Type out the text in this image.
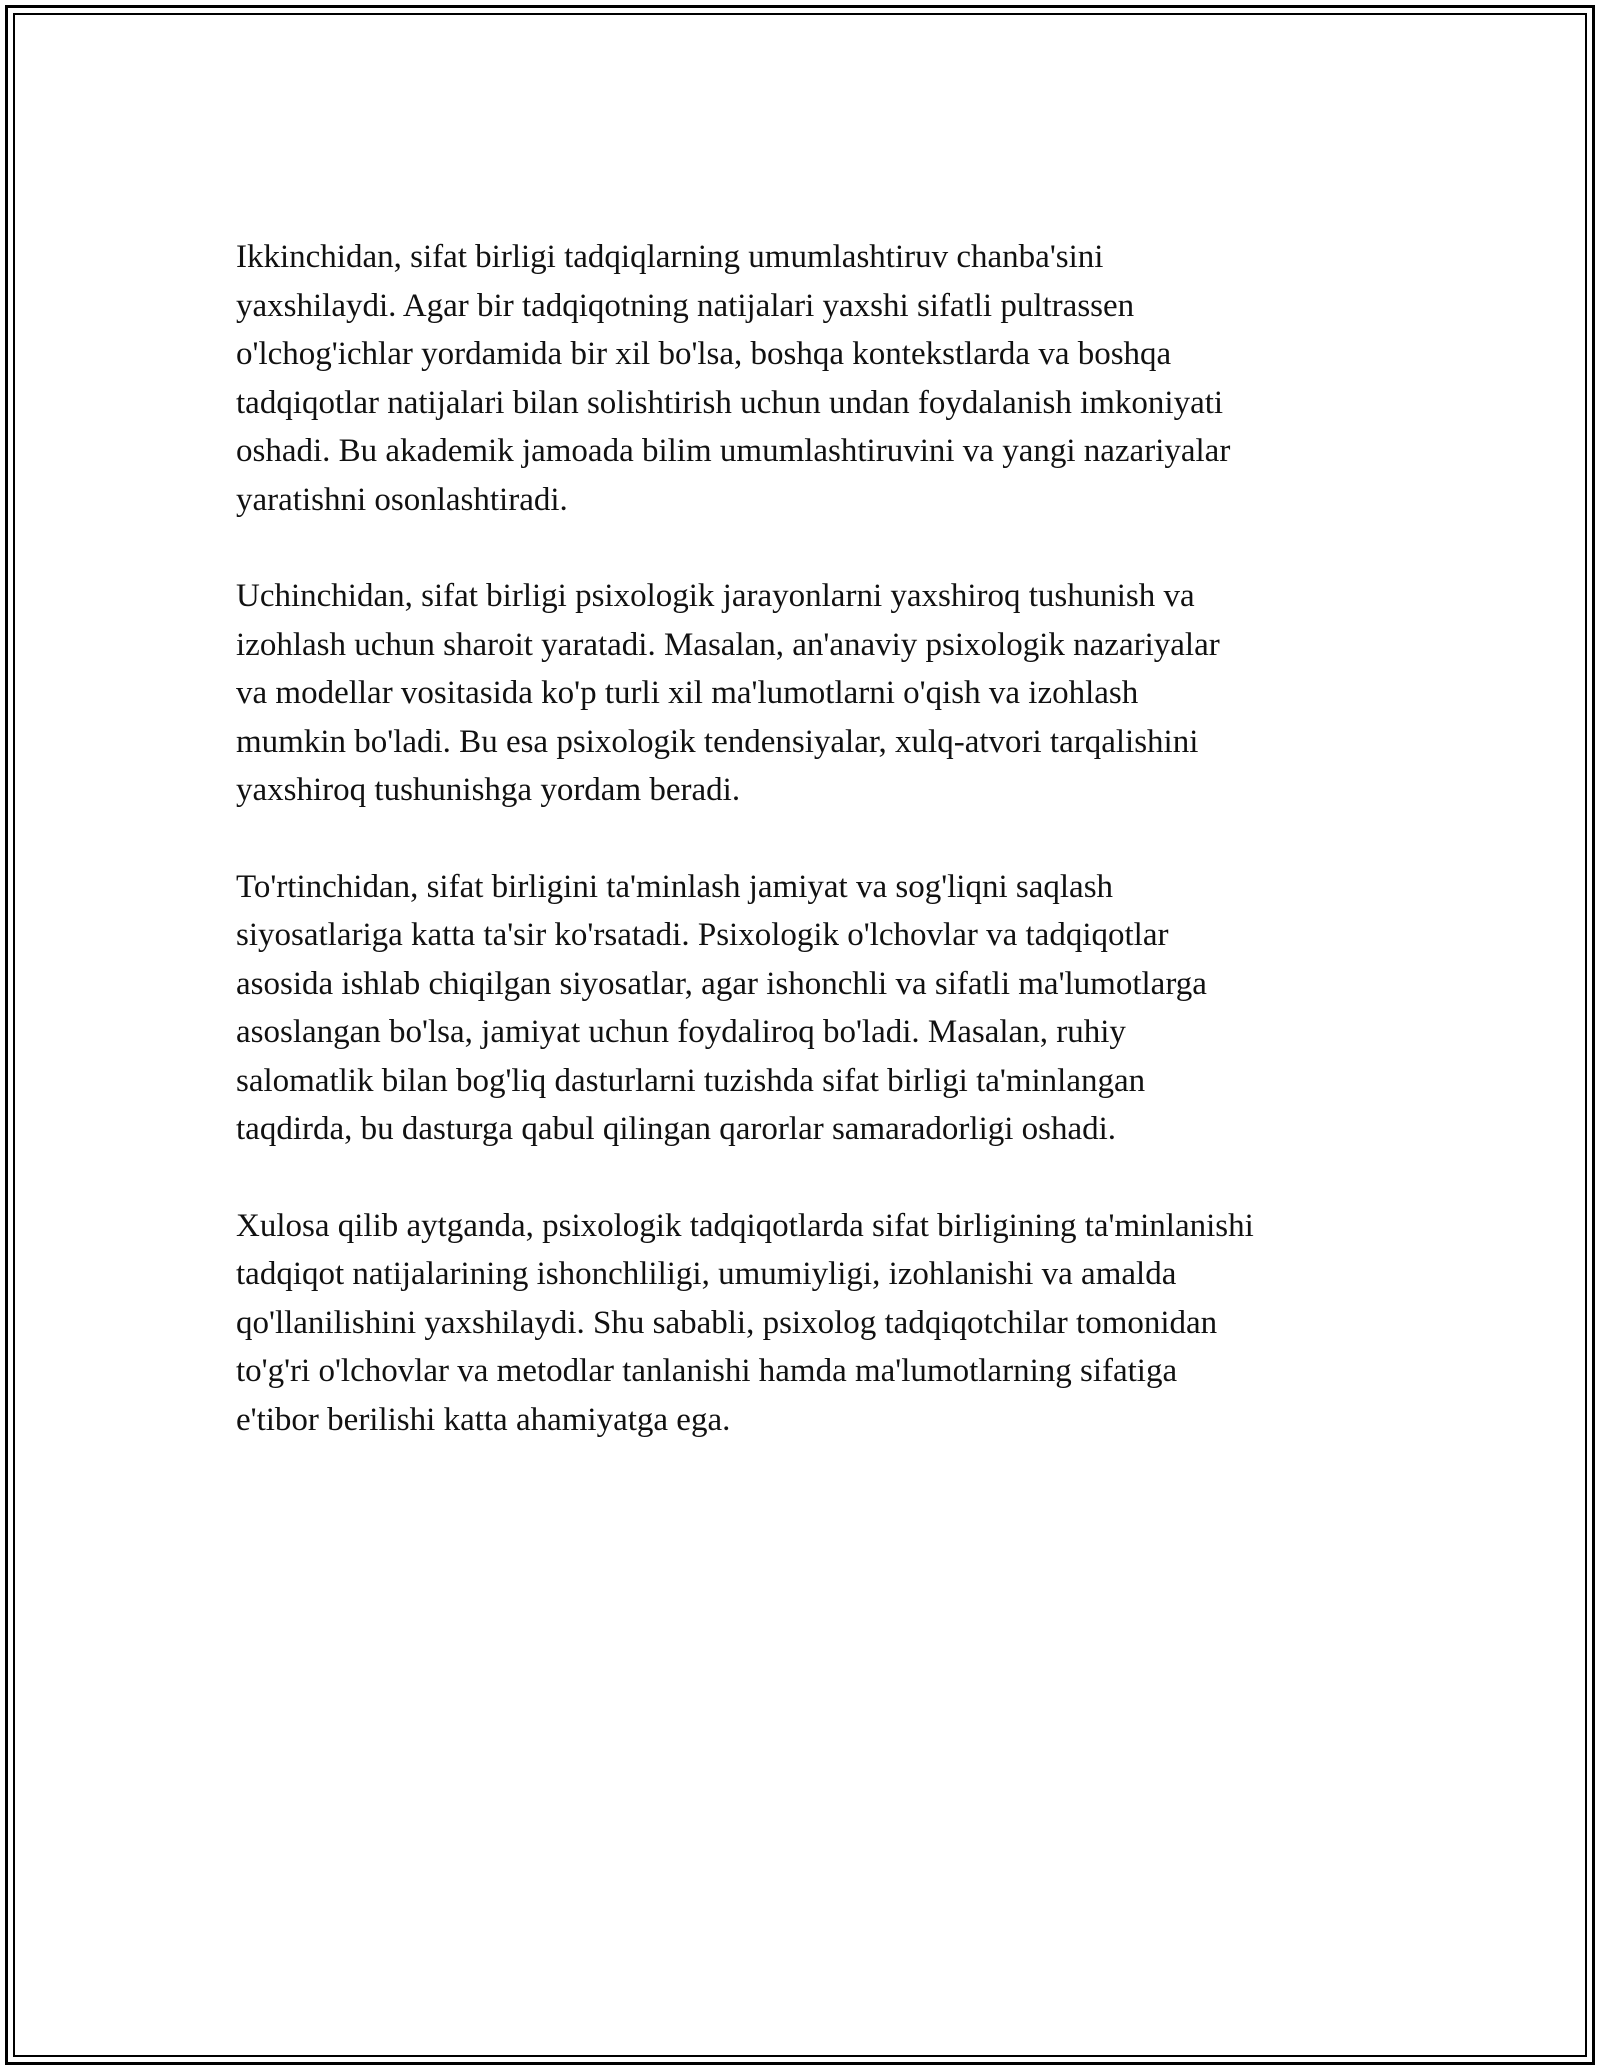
Ikkinchidan, sifat birligi tadqiqlarning umumlashtiruv chanba'sini
yaxshilaydi. Agar bir tadqiqotning natijalari yaxshi sifatli pultrassen
o'lchog'ichlar yordamida bir xil bo'lsa, boshqa kontekstlarda va boshqa
tadqiqotlar natijalari bilan solishtirish uchun undan foydalanish imkoniyati
oshadi. Bu akademik jamoada bilim umumlashtiruvini va yangi nazariyalar
yaratishni osonlashtiradi.

Uchinchidan, sifat birligi psixologik jarayonlarni yaxshiroq tushunish va
izohlash uchun sharoit yaratadi. Masalan, an'anaviy psixologik nazariyalar
va modellar vositasida ko'p turli xil ma'lumotlarni o'qish va izohlash
mumkin bo'ladi. Bu esa psixologik tendensiyalar, xulq-atvori tarqalishini
yaxshiroq tushunishga yordam beradi.

To'rtinchidan, sifat birligini ta'minlash jamiyat va sog'liqni saqlash
siyosatlariga katta ta'sir ko'rsatadi. Psixologik o'lchovlar va tadqiqotlar
asosida ishlab chiqilgan siyosatlar, agar ishonchli va sifatli ma'lumotlarga
asoslangan bo'lsa, jamiyat uchun foydaliroq bo'ladi. Masalan, ruhiy
salomatlik bilan bog'liq dasturlarni tuzishda sifat birligi ta'minlangan
taqdirda, bu dasturga qabul qilingan qarorlar samaradorligi oshadi.

Xulosa qilib aytganda, psixologik tadqiqotlarda sifat birligining ta'minlanishi
tadqiqot natijalarining ishonchliligi, umumiyligi, izohlanishi va amalda
qo'llanilishini yaxshilaydi. Shu sababli, psixolog tadqiqotchilar tomonidan
to'g'ri o'lchovlar va metodlar tanlanishi hamda ma'lumotlarning sifatiga
e'tibor berilishi katta ahamiyatga ega.
